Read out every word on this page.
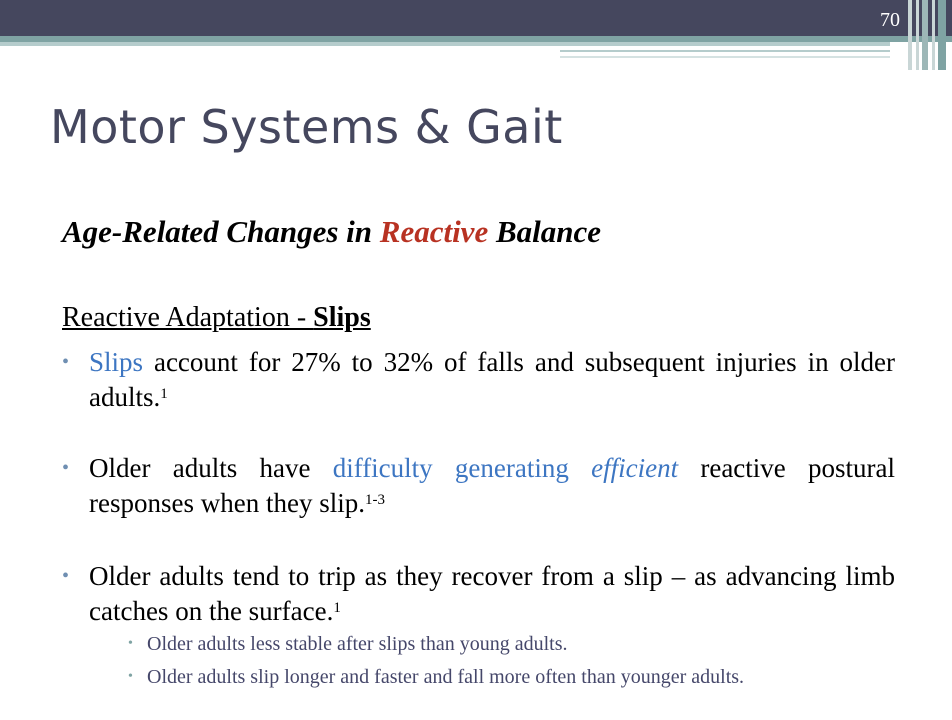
70
Motor Systems & Gait
Age-Related Changes in Reactive Balance
Reactive Adaptation - Slips
• Slips account for 27% to 32% of falls and subsequent injuries in older adults.$^1$
• Older adults have difficulty generating efficient reactive postural responses when they slip.$^{1-3}$
• Older adults tend to trip as they recover from a slip – as advancing limb catches on the surface.$^1$
• Older adults less stable after slips than young adults.
• Older adults slip longer and faster and fall more often than younger adults.
